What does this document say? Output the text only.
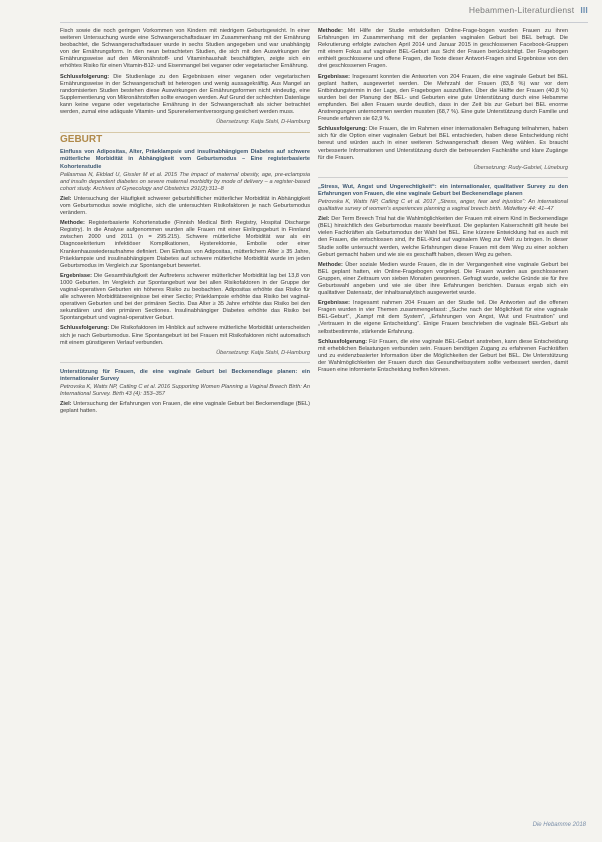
Hebammen-Literaturdienst III

Fisch sowie die noch geringen Vorkommen von Kindern mit niedrigem Geburtsgewicht. In einer weiteren Untersuchung wurde eine Schwangerschaftsdauer im Zusammenhang mit der Ernährung beobachtet, die Schwangerschaftsdauer wurde in sechs Studien angegeben und war unabhängig von der Ernährungsform. In den neun betrachteten Studien, die sich mit den Auswirkungen der Ernährungsweise auf den Mikronährstoff- und Vitaminhaushalt beschäftigten, zeigte sich ein erhöhtes Risiko für einen Vitamin-B12- und Eisenmangel bei veganer oder vegetarischer Ernährung.

Schlussfolgerung: Die Studienlage zu den Ergebnissen einer veganen oder vegetarischen Ernährungsweise in der Schwangerschaft ist heterogen und wenig aussagekräftig. Aus Mangel an randomisierten Studien bestehen diese Auswirkungen der Ernährungsformen nicht eindeutig, eine Supplementierung von Mikronährstoffen sollte erwogen werden. Auf Grund der schlechten Datenlage kann keine vegane oder vegetarische Ernährung in der Schwangerschaft als sicher betrachtet werden, zumal eine adäquate Vitamin- und Spurenelementversorgung gesichert werden muss.

Übersetzung: Katja Stahl, D-Hamburg
GEBURT
Einfluss von Adipositas, Alter, Präeklampsie und insulinabhängigem Diabetes auf schwere mütterliche Morbidität in Abhängigkeit vom Geburtsmodus – Eine registerbasierte Kohortenstudie

Pallasmaa N, Ekblad U, Gissler M et al. 2015 The impact of maternal obesity, age, pre-eclampsia and insulin dependent diabetes on severe maternal morbidity by mode of delivery – a register-based cohort study. Archives of Gynecology and Obstetrics 291(2):311–8

Ziel: Untersuchung der Häufigkeit schwerer geburtshilflicher mütterlicher Morbidität in Abhängigkeit vom Geburtsmodus sowie mögliche, sich die untersuchten Risikofaktoren je nach Geburtsmodus verändern.

Methode: Registerbasierte Kohortenstudie (Finnish Medical Birth Registry, Hospital Discharge Registry). In die Analyse aufgenommen wurden alle Frauen mit einer Einlingsgeburt in Finnland zwischen 2000 und 2011 (n = 295.215). Schwere mütterliche Morbidität war als ein Diagnosekriterium infektiöser Komplikationen, Hysterektomie, Embolie oder einer Krankenhauswiederaufnahme definiert. Den Einfluss von Adipositas, mütterlichem Alter ≥ 35 Jahre, Präeklampsie und insulinabhängigem Diabetes auf schwere mütterliche Morbidität wurde im jeden Geburtsmodus im Vergleich zur Spontangeburt bewertet.

Ergebnisse: Die Gesamthäufigkeit der Auftretens schwerer mütterlicher Morbidität lag bei 13,8 von 1000 Geburten. Im Vergleich zur Spontangeburt war bei allen Risikofaktoren in der Gruppe der vaginal-operativen Geburten ein höheres Risiko zu beobachten. Adipositas erhöhte das Risiko für alle schweren Morbiditätsereignisse bei einer Sectio; Präeklampsie erhöhte das Risiko bei vaginal-operativen Geburten und bei der primären Sectio. Das Alter ≥ 35 Jahre erhöhte das Risiko bei den sekundären und den primären Sectiones. Insulinabhängiger Diabetes erhöhte das Risiko bei Spontangeburt und vaginal-operativer Geburt.

Schlussfolgerung: Die Risikofaktoren im Hinblick auf schwere mütterliche Morbidität unterscheiden sich je nach Geburtsmodus. Eine Spontangeburt ist bei Frauen mit Risikofaktoren nicht automatisch mit einem günstigeren Verlauf verbunden.

Übersetzung: Katja Stahl, D-Hamburg
Unterstützung für Frauen, die eine vaginale Geburt bei Beckenendlage planen: ein internationaler Survey

Petrovska K, Watts NP, Catling C et al. 2016 Supporting Women Planning a Vaginal Breech Birth: An International Survey. Birth 43 (4): 353–357

Ziel: Untersuchung der Erfahrungen von Frauen, die eine vaginale Geburt bei Beckenendlage (BEL) geplant hatten.

Methode: Mit Hilfe der Studie entwickelten Online-Frage-bogen wurden Frauen zu ihren Erfahrungen im Zusammenhang mit der geplanten vaginalen Geburt bei BEL befragt. Die Rekrutierung erfolgte zwischen April 2014 und Januar 2015 in geschlossenen Facebook-Gruppen mit einem Fokus auf vaginaler BEL-Geburt aus Sicht der Frauen berücksichtigt. Der Fragebogen enthielt geschlossene und offene Fragen, die Texte dieser Antwort-Fragen sind Ergebnisse von den drei geschlossenen Fragen.

Ergebnisse: Insgesamt konnten die Antworten von 204 Frauen, die eine vaginale Geburt bei BEL geplant hatten, ausgewertet werden. Die Mehrzahl der Frauen (83,8 %) war vor dem Entbindungstermin in der Lage, den Fragebogen auszufüllen. Über die Hälfte der Frauen (40,8 %) wurden bei der Planung der BEL- und Geburten eine gute Unterstützung durch eine Hebamme empfunden. Bei allen Frauen wurde deutlich, dass in der Zeit bis zur Geburt bei BEL enorme Anstrengungen unternommen werden mussten (68,7 %). Eine gute Unterstützung durch Familie und Freunde erfahren sie 62,9 %.

Schlussfolgerung: Die Frauen, die im Rahmen einer internationalen Befragung teilnahmen, haben sich für die Option einer vaginalen Geburt bei BEL entschieden, haben diese Entscheidung nicht bereut und würden auch in einer weiteren Schwangerschaft diesen Weg wählen. Es braucht verbesserte Informationen und Unterstützung durch die betreuenden Fachkräfte und klare Zugänge für die Frauen.

Übersetzung: Rudy-Gabriel, Lüneburg
„Stress, Wut, Angst und Ungerechtigkeit“: ein internationaler, qualitativer Survey zu den Erfahrungen von Frauen, die eine vaginale Geburt bei Beckenendlage planen

Petrovska K, Watts NP, Catling C et al. 2017 „Stress, anger, fear and injustice“: An international qualitative survey of women's experiences planning a vaginal breech birth. Midwifery 44: 41–47

Ziel: Der Term Breech Trial hat die Wahlmöglichkeiten der Frauen mit einem Kind in Beckenendlage (BEL) hinsichtlich des Geburtsmodus massiv beeinflusst. Die geplanten Kaiserschnitt gilt heute bei vielen Fachkräften als Geburtsmodus der Wahl bei BEL. Eine kürzere Entwicklung hat es auch mit den Frauen, die entschlossen sind, ihr BEL-Kind auf vaginalem Weg zur Welt zu bringen. In dieser Studie sollte untersucht werden, welche Erfahrungen diese Frauen mit dem Weg zu einer solchen Geburt gemacht haben und wie sie es geschafft haben, diesen Weg zu gehen.

Methode: Über soziale Medien wurde Frauen, die in der Vergangenheit eine vaginale Geburt bei BEL geplant hatten, ein Online-Fragebogen vorgelegt. Die Frauen wurden aus geschlossenen Gruppen, einer Zeitraum von sieben Monaten gewonnen. Gefragt wurde, welche Gründe sie für ihre Geburtswahl angeben und wie sie über ihre Erfahrungen berichten. Daraus ergab sich ein qualitativer Datensatz, der inhaltsanalytisch ausgewertet wurde.

Ergebnisse: Insgesamt nahmen 204 Frauen an der Studie teil. Die Antworten auf die offenen Fragen wurden in vier Themen zusammengefasst: „Suche nach der Möglichkeit für eine vaginale BEL-Geburt“, „Kampf mit dem System“, „Erfahrungen von Angst, Wut und Frustration“ und „Vertrauen in die eigene Entscheidung“. Einige Frauen beschrieben die vaginale BEL-Geburt als selbstbestimmte, stärkende Erfahrung.

Schlussfolgerung: Für Frauen, die eine vaginale BEL-Geburt anstreben, kann diese Entscheidung mit erheblichen Belastungen verbunden sein. Frauen benötigen Zugang zu erfahrenen Fachkräften und zu evidenzbasierter Information über die Möglichkeiten der Geburt bei BEL. Die Unterstützung der Wahlmöglichkeiten der Frauen durch das Gesundheitssystem sollte verbessert werden, damit Frauen eine informierte Entscheidung treffen können.

Die Hebamme 2018
